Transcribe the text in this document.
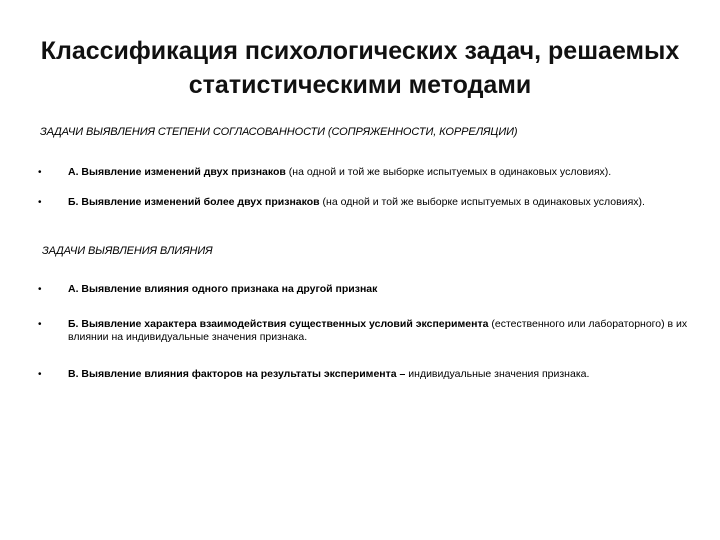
Классификация психологических задач, решаемых статистическими методами
ЗАДАЧИ ВЫЯВЛЕНИЯ СТЕПЕНИ СОГЛАСОВАННОСТИ (СОПРЯЖЕННОСТИ, КОРРЕЛЯЦИИ)
•	А. Выявление изменений двух признаков (на одной и той же выборке испытуемых в одинаковых условиях).
•	Б. Выявление изменений более двух признаков (на одной и той же выборке испытуемых в одинаковых условиях).
ЗАДАЧИ ВЫЯВЛЕНИЯ ВЛИЯНИЯ
•	А. Выявление влияния одного признака на другой признак
•	Б. Выявление характера взаимодействия существенных условий эксперимента (естественного или лабораторного) в их влиянии на индивидуальные значения признака.
•	В. Выявление влияния факторов на результаты эксперимента – индивидуальные значения признака.
